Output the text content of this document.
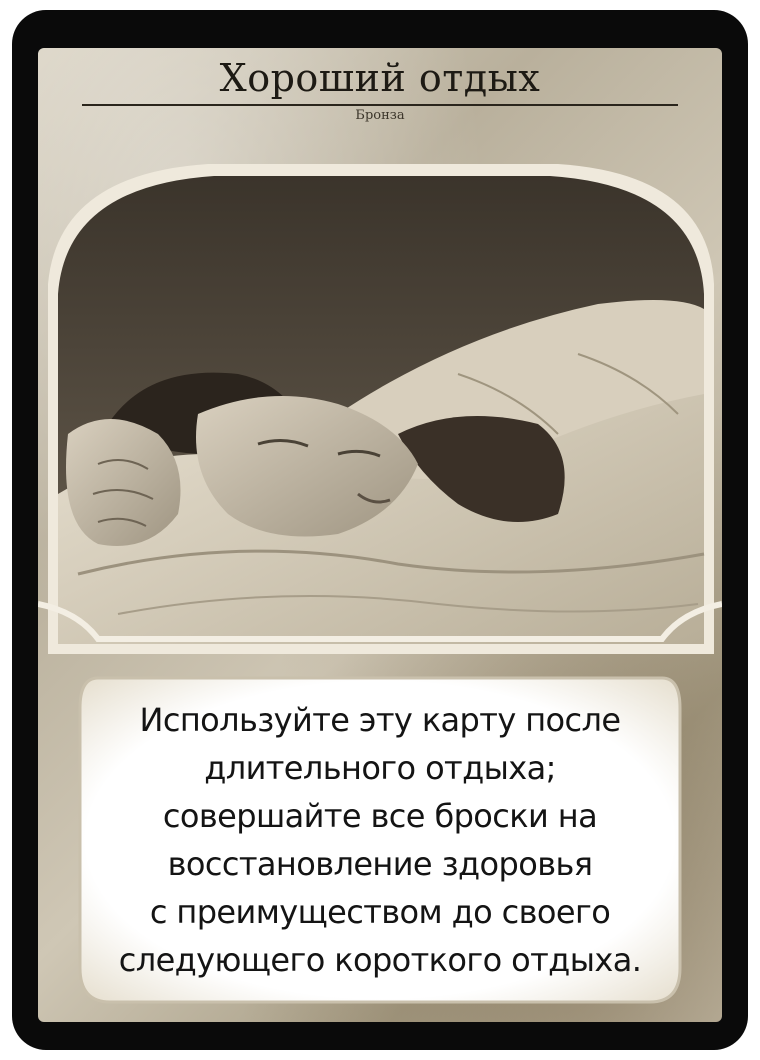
Хороший отдых
Бронза
Используйте эту карту после
длительного отдыха;
совершайте все броски на
восстановление здоровья
с преимуществом до своего
следующего короткого отдыха.
